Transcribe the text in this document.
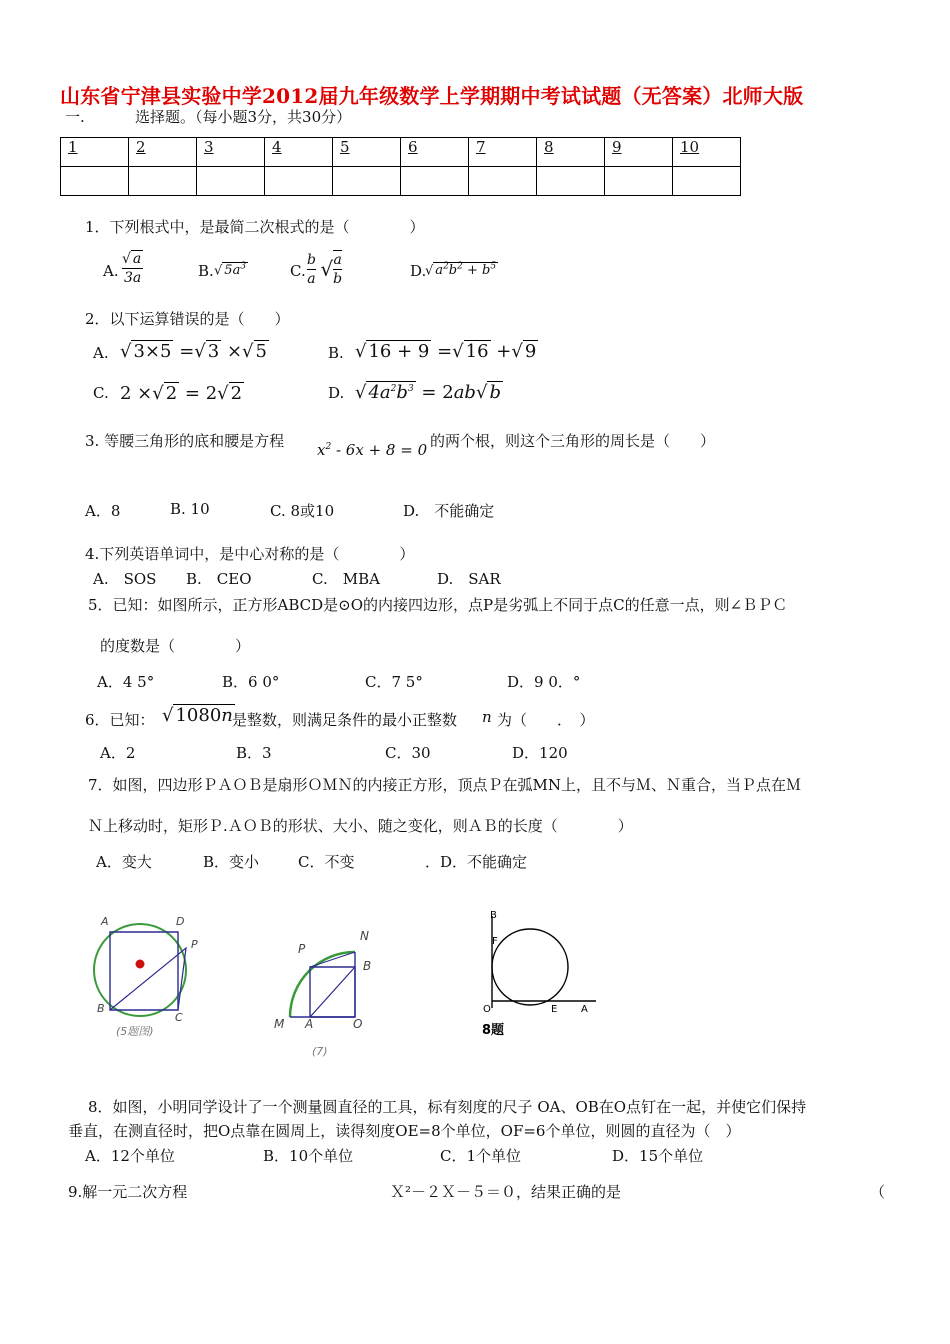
山东省宁津县实验中学2012届九年级数学上学期期中考试试题（无答案）北师大版
一.	选择题。（每小题3分，共30分）
1	2	3	4	5	6	7	8	9	10

1．下列根式中，是最简二次根式的是（　　　　）
A. $\frac{√ a}{3a}$	B. √ $5a^3$	C. $\frac{b}{a}$ √ $\frac{a}{b}$	D.
√ $a^2b^2 + b^5$
2．以下运算错误的是（　　）
A. √ 3×5 =√ 3 ×√ 5	B. √ 16 + 9 =√ 16 +√ 9
C. 2 ×√ 2 = 2√ 2	D. √ $4a^2b^3 = 2ab√$ b
3. 等腰三角形的底和腰是方程 $x^2 - 6x + 8 = 0$ 的两个根，则这个三角形的周长是（　　）
A．8	B. 10	C. 8或10	D.　不能确定
4.下列英语单词中，是中心对称的是（　　　　）
A.　SOS B.　CEO	C.　MBA	D.　SAR
5．已知：如图所示，正方形ABCD是⊙O的内接四边形，点P是劣弧上不同于点C的任意一点，则∠ＢＰＣ
的度数是（　　　　）
A．4 5°	B．6 0°	C．7 5°	D．9 0．°
6．已知： √ 1080n 是整数，则满足条件的最小正整数 n 为（　　．　）
A．2	B．3	C．30	D．120
7．如图，四边形ＰＡＯＢ是扇形ＯＭＮ的内接正方形，顶点Ｐ在弧MN上，且不与Ｍ、Ｎ重合，当Ｐ点在Ｍ
Ｎ上移动时，矩形Ｐ.ＡＯＢ的形状、大小、随之变化，则ＡＢ的长度（　　　　）
A．变大	B．变小	C．不变	．D．不能确定
A	D
P
B
C
(5题图)
P
N
B
M A	O
(7)
B
F
O	E A
8题
8．如图，小明同学设计了一个测量圆直径的工具，标有刻度的尺子 OA、OB在O点钉在一起，并使它们保持
垂直，在测直径时，把O点靠在圆周上，读得刻度OE=8个单位，OF=6个单位，则圆的直径为（　）
A．12个单位	B．10个单位	C．1个单位	D．15个单位
9.解一元二次方程	Ｘ²－２Ｘ－５＝０，结果正确的是	（
